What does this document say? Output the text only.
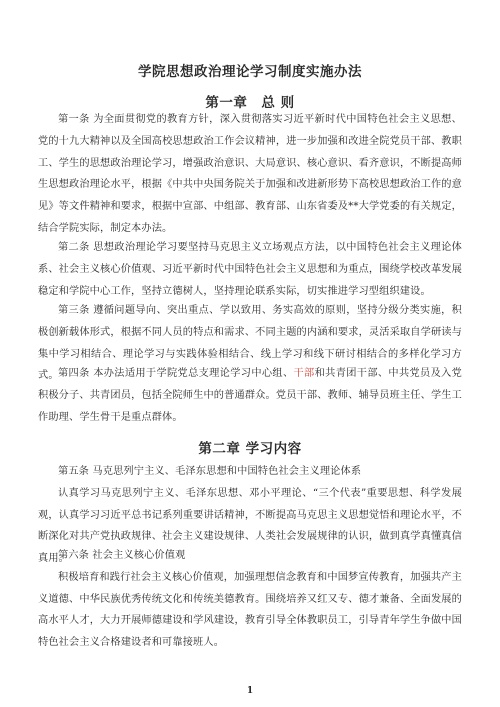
学院思想政治理论学习制度实施办法
第一章　总 则

第一条 为全面贯彻党的教育方针，深入贯彻落实习近平新时代中国特色社会主义思想、党的十九大精神以及全国高校思想政治工作会议精神，进一步加强和改进全院党员干部、教职工、学生的思想政治理论学习，增强政治意识、大局意识、核心意识、看齐意识，不断提高师生思想政治理论水平，根据《中共中央国务院关于加强和改进新形势下高校思想政治工作的意见》等文件精神和要求，根据中宣部、中组部、教育部、山东省委及**大学党委的有关规定，结合学院实际，制定本办法。

第二条 思想政治理论学习要坚持马克思主义立场观点方法，以中国特色社会主义理论体系、社会主义核心价值观、习近平新时代中国特色社会主义思想和为重点，围绕学校改革发展稳定和学院中心工作，坚持立德树人，坚持理论联系实际，切实推进学习型组织建设。

第三条 遵循问题导向、突出重点、学以致用、务实高效的原则，坚持分级分类实施，积极创新载体形式，根据不同人员的特点和需求、不同主题的内涵和要求，灵活采取自学研读与集中学习相结合、理论学习与实践体验相结合、线上学习和线下研讨相结合的多样化学习方式。 第四条 本办法适用于学院党总支理论学习中心组、干部和共青团干部、中共党员及入党积极分子、共青团员，包括全院师生中的普通群众。党员干部、教师、辅导员班主任、学生工作助理、学生骨干是重点群体。

第二章 学习内容
第五条 马克思列宁主义、毛泽东思想和中国特色社会主义理论体系
认真学习马克思列宁主义、毛泽东思想、邓小平理论、“三个代表”重要思想、科学发展观，认真学习习近平总书记系列重要讲话精神，不断提高马克思主义思想觉悟和理论水平，不断深化对共产党执政规律、社会主义建设规律、人类社会发展规律的认识，做到真学真懂真信真用。
第六条 社会主义核心价值观
积极培育和践行社会主义核心价值观，加强理想信念教育和中国梦宣传教育，加强共产主义道德、中华民族优秀传统文化和传统美德教育。围绕培养又红又专、德才兼备、全面发展的高水平人才，大力开展师德建设和学风建设，教育引导全体教职员工，引导青年学生争做中国特色社会主义合格建设者和可靠接班人。
1
